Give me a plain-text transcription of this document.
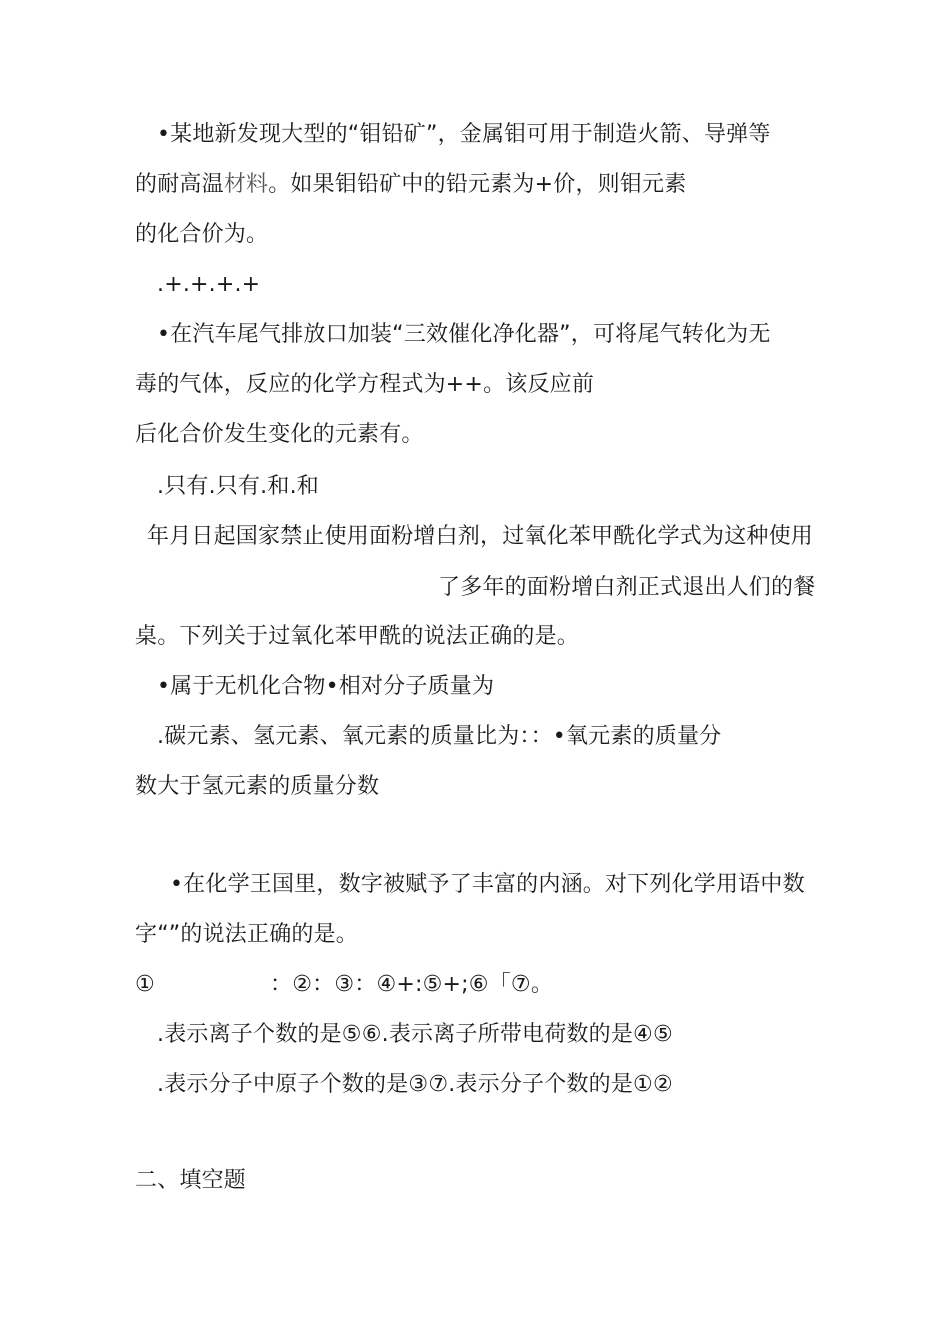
•某地新发现大型的“钼铅矿”，金属钼可用于制造火箭、导弹等
的耐高温材料。如果钼铅矿中的铅元素为+价，则钼元素
的化合价为。
.+.+.+.+
•在汽车尾气排放口加装“三效催化净化器”，可将尾气转化为无
毒的气体，反应的化学方程式为++。该反应前
后化合价发生变化的元素有。
.只有.只有.和.和
年月日起国家禁止使用面粉增白剂，过氧化苯甲酰化学式为这种使用
了多年的面粉增白剂正式退出人们的餐
桌。下列关于过氧化苯甲酰的说法正确的是。
•属于无机化合物•相对分子质量为
.碳元素、氢元素、氧元素的质量比为：：•氧元素的质量分
数大于氢元素的质量分数
•在化学王国里，数字被赋予了丰富的内涵。对下列化学用语中数
字“”的说法正确的是。
①                ：②：③：④+:⑤+;⑥「⑦。
.表示离子个数的是⑤⑥.表示离子所带电荷数的是④⑤
.表示分子中原子个数的是③⑦.表示分子个数的是①②
二、填空题
